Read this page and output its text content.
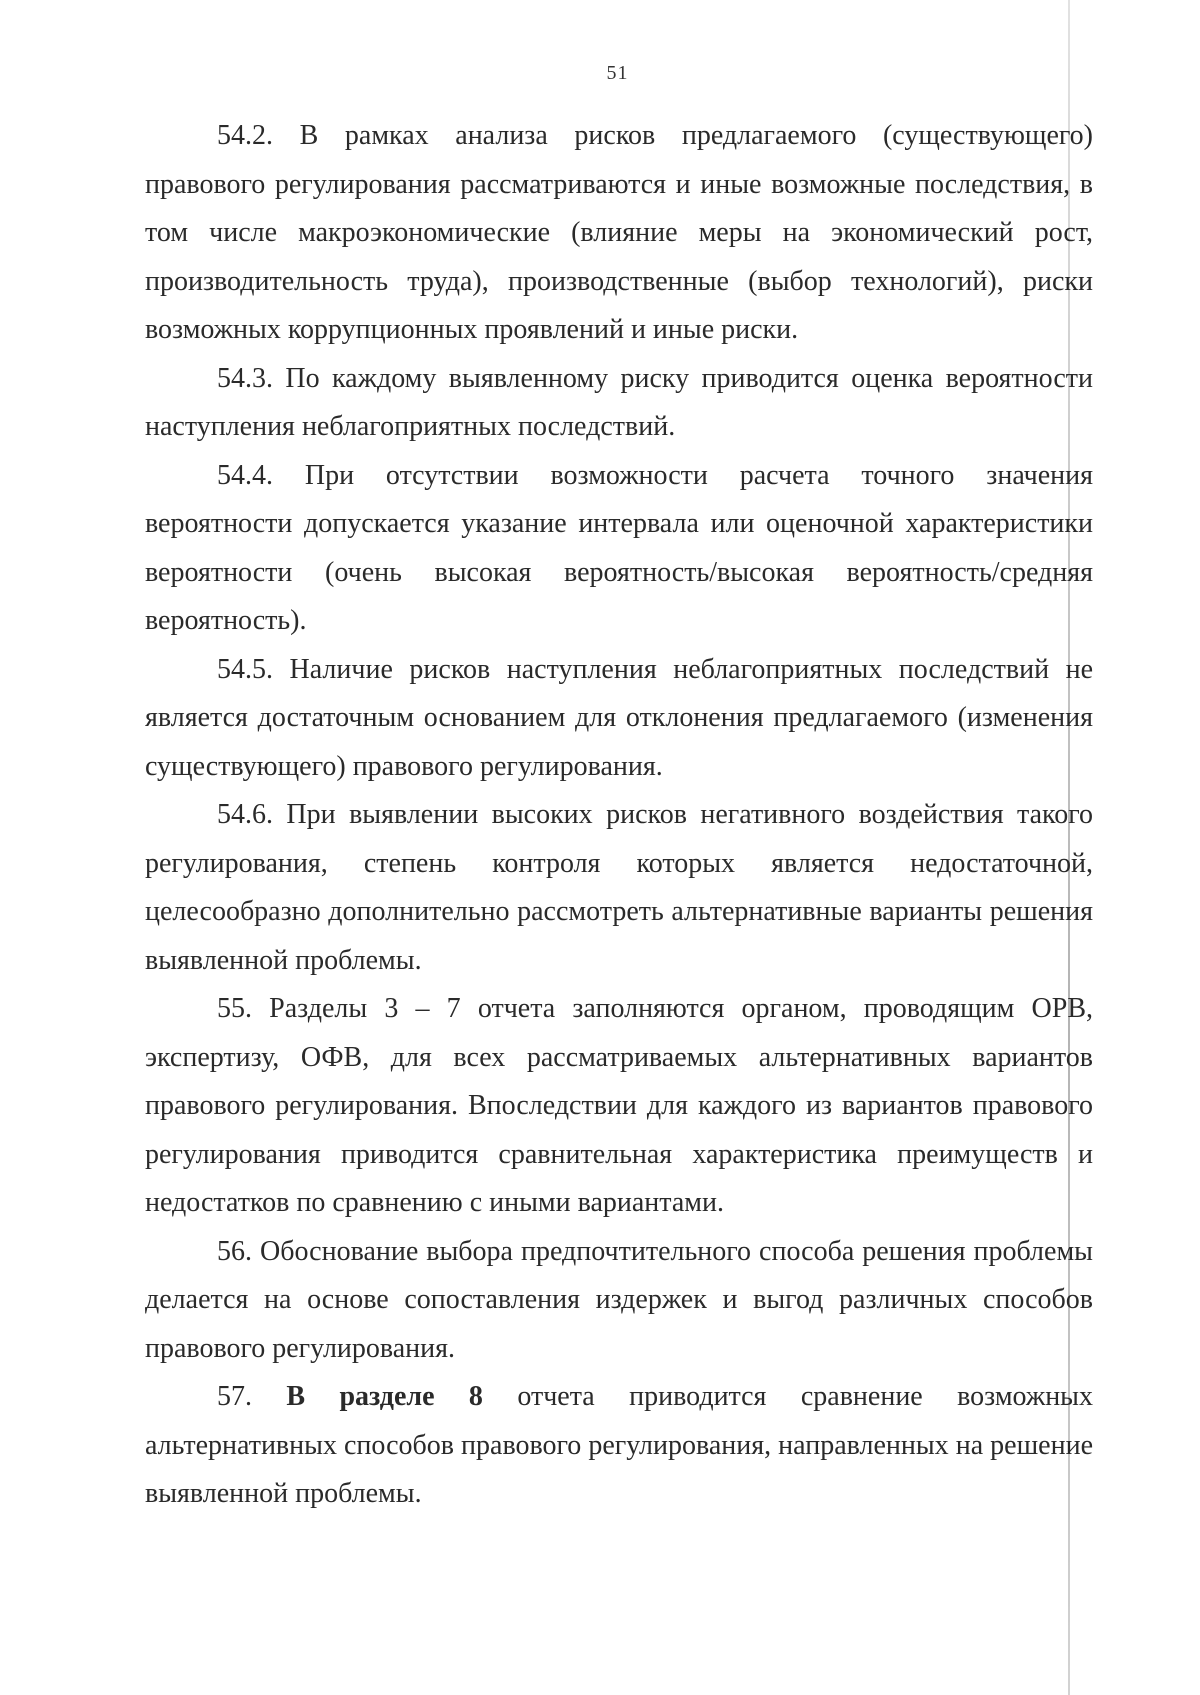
51

54.2. В рамках анализа рисков предлагаемого (существующего) правового регулирования рассматриваются и иные возможные последствия, в том числе макроэкономические (влияние меры на экономический рост, производительность труда), производственные (выбор технологий), риски возможных коррупционных проявлений и иные риски.

54.3. По каждому выявленному риску приводится оценка вероятности наступления неблагоприятных последствий.

54.4. При отсутствии возможности расчета точного значения вероятности допускается указание интервала или оценочной характеристики вероятности (очень высокая вероятность/высокая вероятность/средняя вероятность).

54.5. Наличие рисков наступления неблагоприятных последствий не является достаточным основанием для отклонения предлагаемого (изменения существующего) правового регулирования.

54.6. При выявлении высоких рисков негативного воздействия такого регулирования, степень контроля которых является недостаточной, целесообразно дополнительно рассмотреть альтернативные варианты решения выявленной проблемы.

55. Разделы 3 – 7 отчета заполняются органом, проводящим ОРВ, экспертизу, ОФВ, для всех рассматриваемых альтернативных вариантов правового регулирования. Впоследствии для каждого из вариантов правового регулирования приводится сравнительная характеристика преимуществ и недостатков по сравнению с иными вариантами.

56. Обоснование выбора предпочтительного способа решения проблемы делается на основе сопоставления издержек и выгод различных способов правового регулирования.

57. В разделе 8 отчета приводится сравнение возможных альтернативных способов правового регулирования, направленных на решение выявленной проблемы.
